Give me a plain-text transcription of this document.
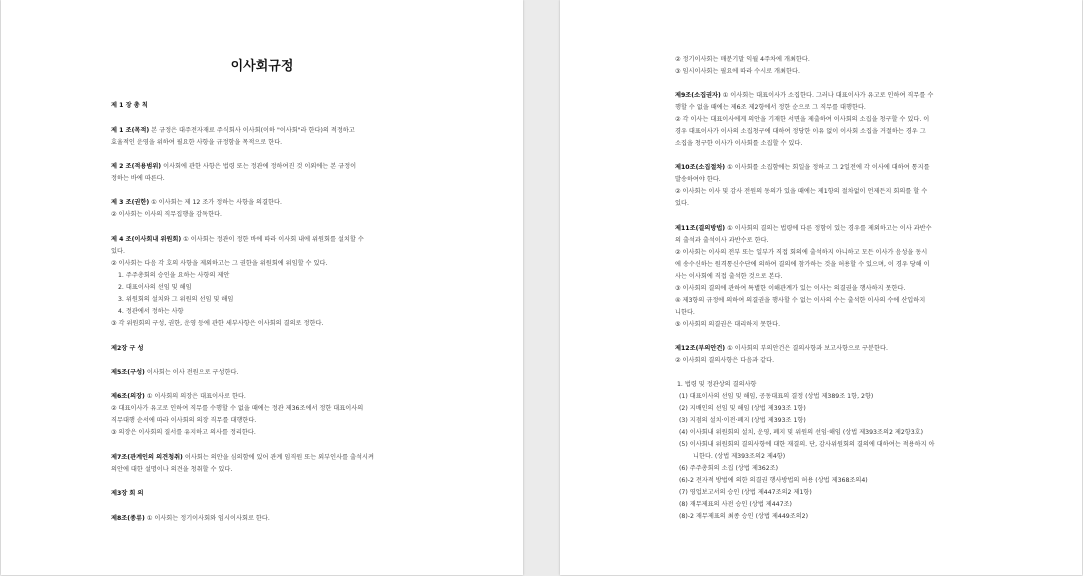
이사회규정
제 1 장 총 칙
제 1 조(목적) 본 규정은 대주전자재료 주식회사 이사회(이하 "이사회"라 한다)의 적정하고
효율적인 운영을 위하여 필요한 사항을 규정함을 목적으로 한다.
제 2 조(적용범위) 이사회에 관한 사항은 법령 또는 정관에 정하여진 것 이외에는 본 규정이
정하는 바에 따른다.
제 3 조(권한) ① 이사회는 제 12 조가 정하는 사항을 의결한다.
② 이사회는 이사의 직무집행을 감독한다.
제 4 조(이사회내 위원회) ① 이사회는 정관이 정한 바에 따라 이사회 내에 위원회를 설치할 수
있다.
② 이사회는 다음 각 호의 사항을 제외하고는 그 권한을 위원회에 위임할 수 있다.
1. 주주총회의 승인을 요하는 사항의 제안
2. 대표이사의 선임 및 해임
3. 위원회의 설치와 그 위원의 선임 및 해임
4. 정관에서 정하는 사항
③ 각 위원회의 구성, 권한, 운영 등에 관한 세부사항은 이사회의 결의로 정한다.
제2장 구 성
제5조(구성) 이사회는 이사 전원으로 구성한다.
제6조(의장) ① 이사회의 의장은 대표이사로 한다.
② 대표이사가 유고로 인하여 직무를 수행할 수 없을 때에는 정관 제36조에서 정한 대표이사의
직무대행 순서에 따라 이사회의 의장 직무를 대행한다.
③ 의장은 이사회의 질서를 유지하고 의사를 정리한다.
제7조(관계인의 의견청취) 이사회는 의안을 심의함에 있어 관계 임직원 또는 외부인사를 출석시켜
의안에 대한 설명이나 의견을 청취할 수 있다.
제3장 회 의
제8조(종류) ① 이사회는 정기이사회와 임시이사회로 한다.
② 정기이사회는 매분기말 익월 4주차에 개최한다.
③ 임시이사회는 필요에 따라 수시로 개최한다.
제9조(소집권자) ① 이사회는 대표이사가 소집한다. 그러나 대표이사가 유고로 인하여 직무를 수
행할 수 없을 때에는 제6조 제2항에서 정한 순으로 그 직무를 대행한다.
② 각 이사는 대표이사에게 의안을 기재한 서면을 제출하여 이사회의 소집을 청구할 수 있다. 이
경우 대표이사가 이사의 소집청구에 대하여 정당한 이유 없이 이사회 소집을 거절하는 경우 그
소집을 청구한 이사가 이사회를 소집할 수 있다.
제10조(소집절차) ① 이사회를 소집함에는 회일을 정하고 그 2일전에 각 이사에 대하여 통지를
발송하여야 한다.
② 이사회는 이사 및 감사 전원의 동의가 있을 때에는 제1항의 절차없이 언제든지 회의를 할 수
있다.
제11조(결의방법) ① 이사회의 결의는 법령에 다른 정함이 있는 경우를 제외하고는 이사 과반수
의 출석과 출석이사 과반수로 한다.
② 이사회는 이사의 전부 또는 일부가 직접 회의에 출석하지 아니하고 모든 이사가 음성을 동시
에 송수신하는 원격통신수단에 의하여 결의에 참가하는 것을 허용할 수 있으며, 이 경우 당해 이
사는 이사회에 직접 출석한 것으로 본다.
③ 이사회의 결의에 관하여 특별한 이해관계가 있는 이사는 의결권을 행사하지 못한다.
④ 제3항의 규정에 의하여 의결권을 행사할 수 없는 이사의 수는 출석한 이사의 수에 산입하지
니한다.
⑤ 이사회의 의결권은 대리하지 못한다.
제12조(부의안건) ① 이사회의 부의안건은 결의사항과 보고사항으로 구분한다.
② 이사회의 결의사항은 다음과 같다.
1. 법령 및 정관상의 결의사항
(1) 대표이사의 선임 및 해임, 공동대표의 결정 (상법 제389조 1항, 2항)
(2) 지배인의 선임 및 해임 (상법 제393조 1항)
(3) 지점의 설치·이전·폐지 (상법 제393조 1항)
(4) 이사회내 위원회의 설치, 운영, 폐지 및 위원의 선임·해임 (상법 제393조의2 제2항3호)
(5) 이사회내 위원회의 결의사항에 대한 재결의. 단, 감사위원회의 결의에 대하여는 적용하지 아
니한다. (상법 제393조의2 제4항)
(6) 주주총회의 소집 (상법 제362조)
(6)-2 전자적 방법에 의한 의결권 행사방법의 허용 (상법 제368조의4)
(7) 영업보고서의 승인 (상법 제447조의2 제1항)
(8) 재무제표의 사전 승인 (상법 제447조)
(8)-2 재무제표의 최종 승인 (상법 제449조의2)
